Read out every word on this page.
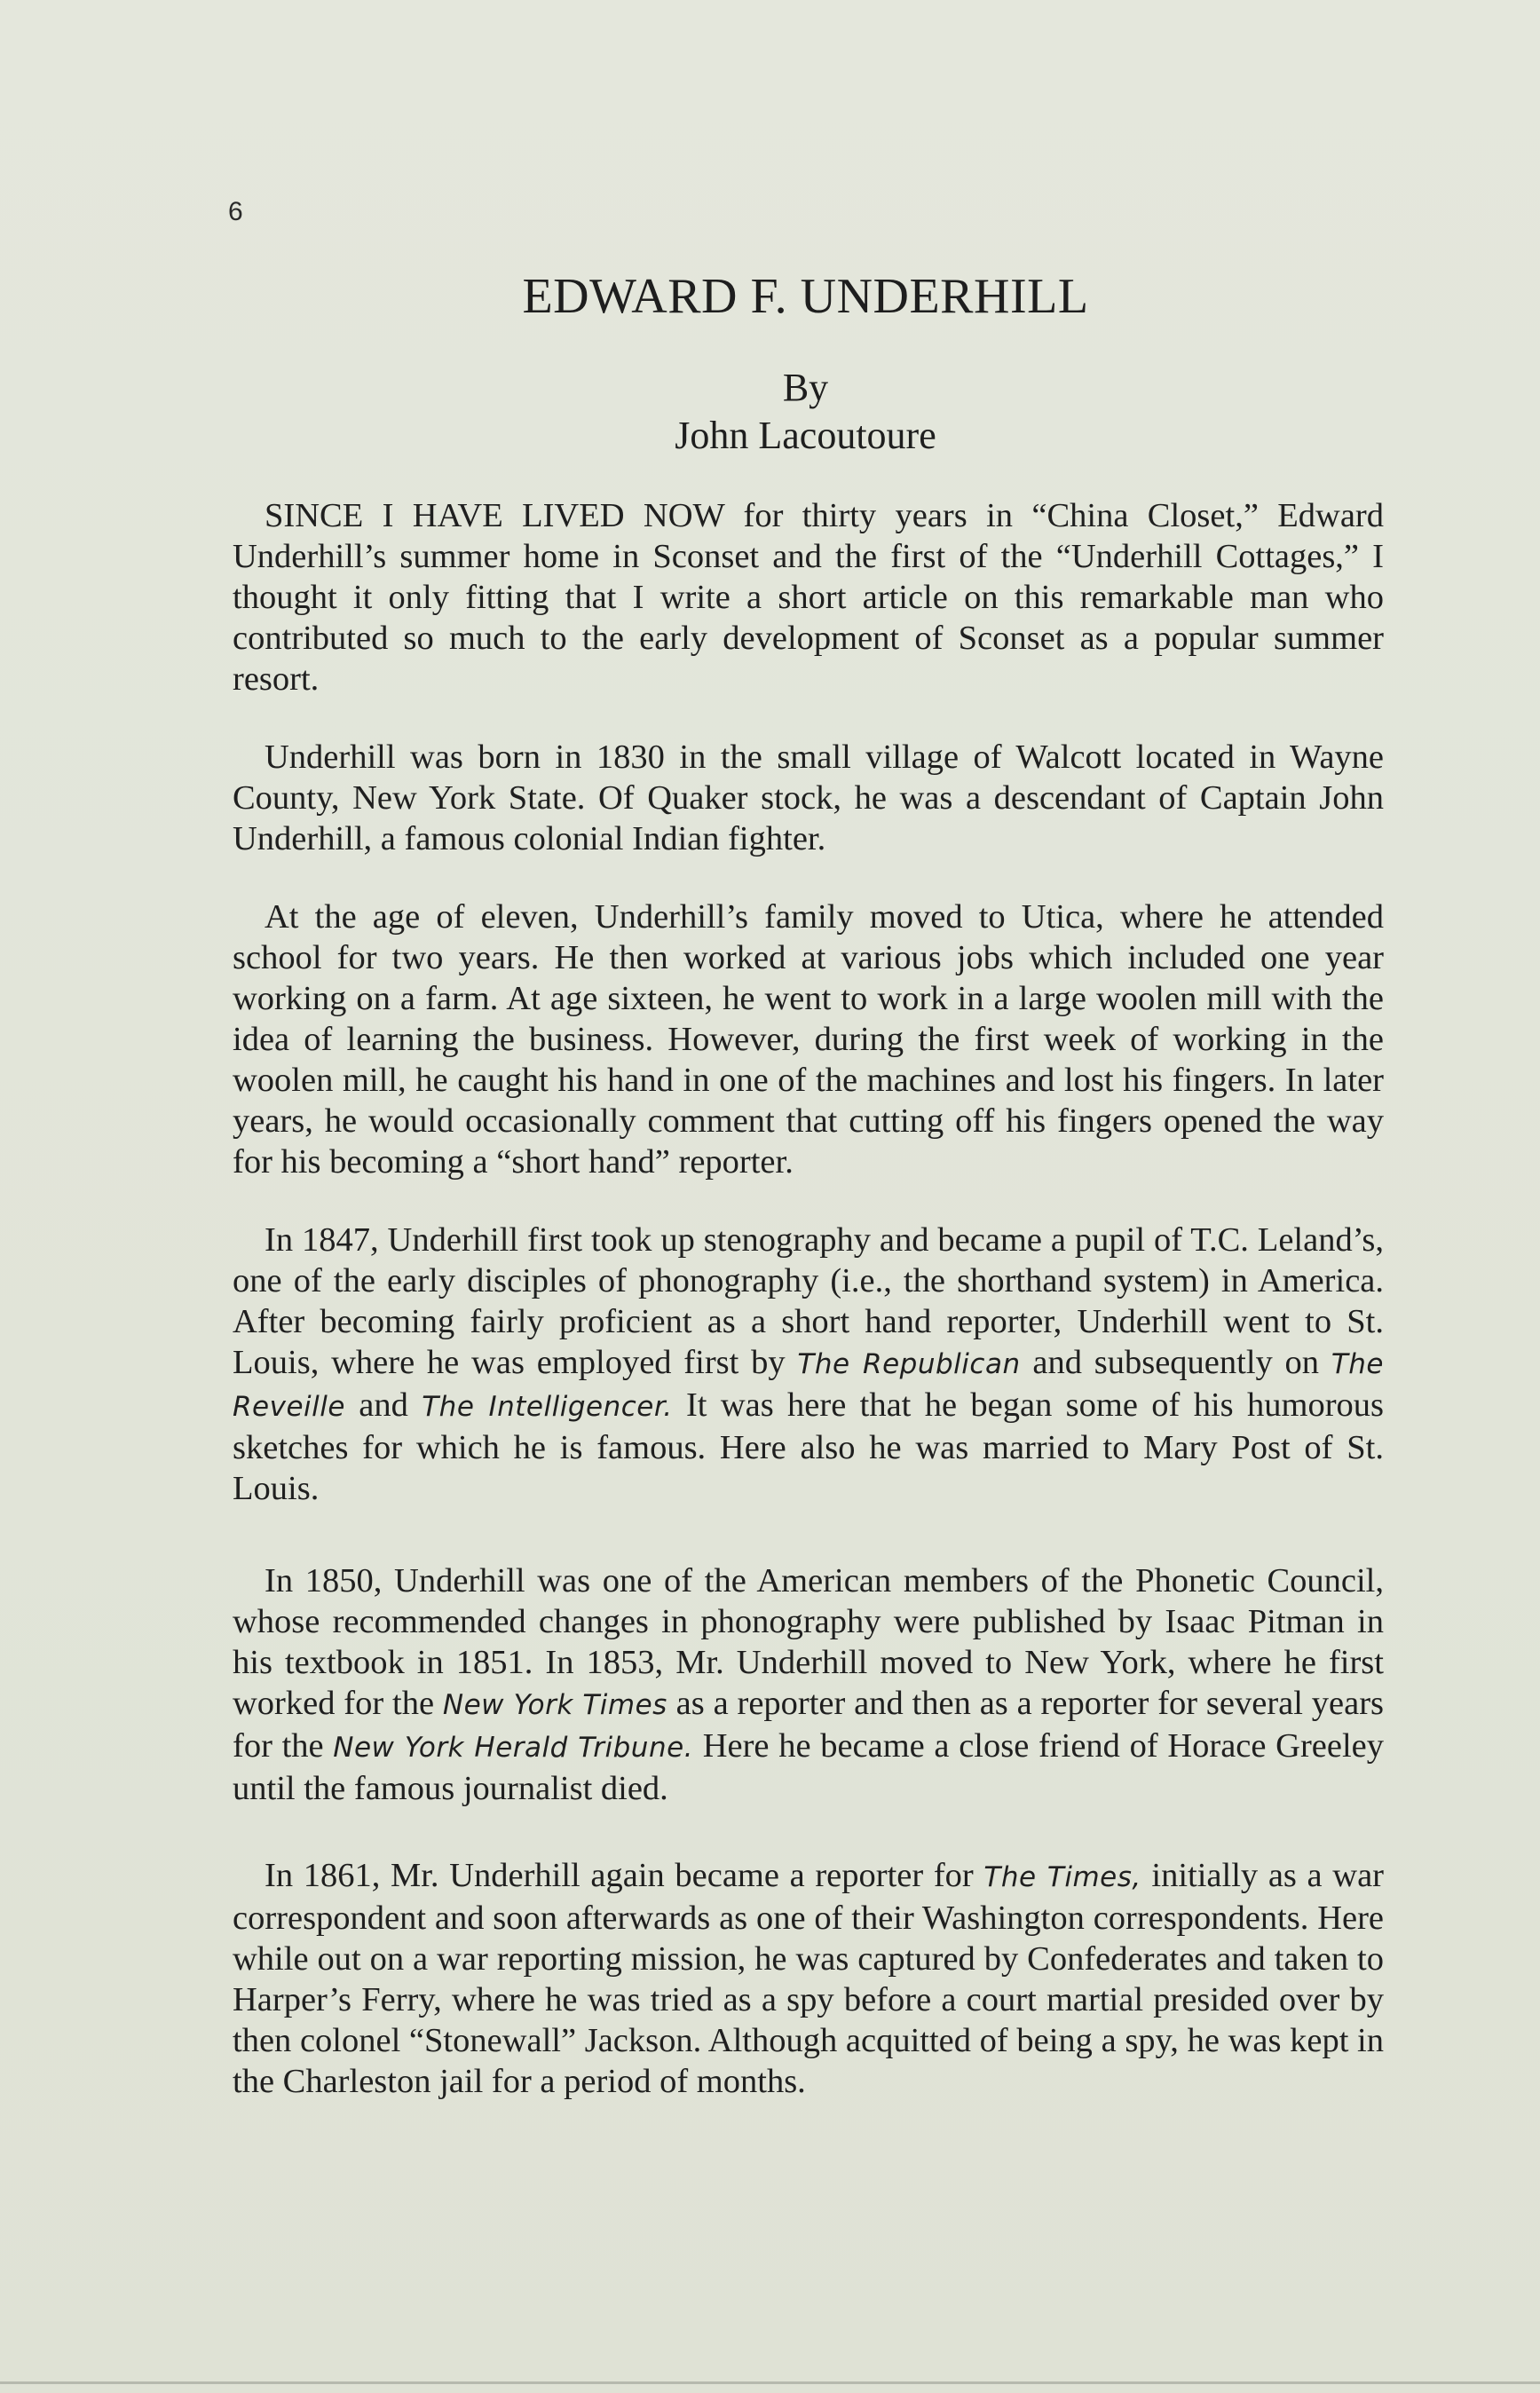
6
EDWARD F. UNDERHILL
By
John Lacoutoure

SINCE I HAVE LIVED NOW for thirty years in “China Closet,” Edward Underhill’s summer home in Sconset and the first of the “Underhill Cottages,” I thought it only fitting that I write a short article on this remarkable man who contributed so much to the early development of Sconset as a popular summer resort.

Underhill was born in 1830 in the small village of Walcott located in Wayne County, New York State. Of Quaker stock, he was a descendant of Captain John Underhill, a famous colonial Indian fighter.

At the age of eleven, Underhill’s family moved to Utica, where he attended school for two years. He then worked at various jobs which included one year working on a farm. At age sixteen, he went to work in a large woolen mill with the idea of learning the business. However, during the first week of working in the woolen mill, he caught his hand in one of the machines and lost his fingers. In later years, he would occasionally comment that cutting off his fingers opened the way for his becoming a “short hand” reporter.

In 1847, Underhill first took up stenography and became a pupil of T.C. Leland’s, one of the early disciples of phonography (i.e., the shorthand system) in America. After becoming fairly proficient as a short hand reporter, Underhill went to St. Louis, where he was employed first by The Republican and subsequently on The Reveille and The Intelligencer. It was here that he began some of his humorous sketches for which he is famous. Here also he was married to Mary Post of St. Louis.

In 1850, Underhill was one of the American members of the Phonetic Council, whose recommended changes in phonography were published by Isaac Pitman in his textbook in 1851. In 1853, Mr. Underhill moved to New York, where he first worked for the New York Times as a reporter and then as a reporter for several years for the New York Herald Tribune. Here he became a close friend of Horace Greeley until the famous journalist died.

In 1861, Mr. Underhill again became a reporter for The Times, initially as a war correspondent and soon afterwards as one of their Washington correspondents. Here while out on a war reporting mission, he was captured by Confederates and taken to Harper’s Ferry, where he was tried as a spy before a court martial presided over by then colonel “Stonewall” Jackson. Although acquitted of being a spy, he was kept in the Charleston jail for a period of months.
